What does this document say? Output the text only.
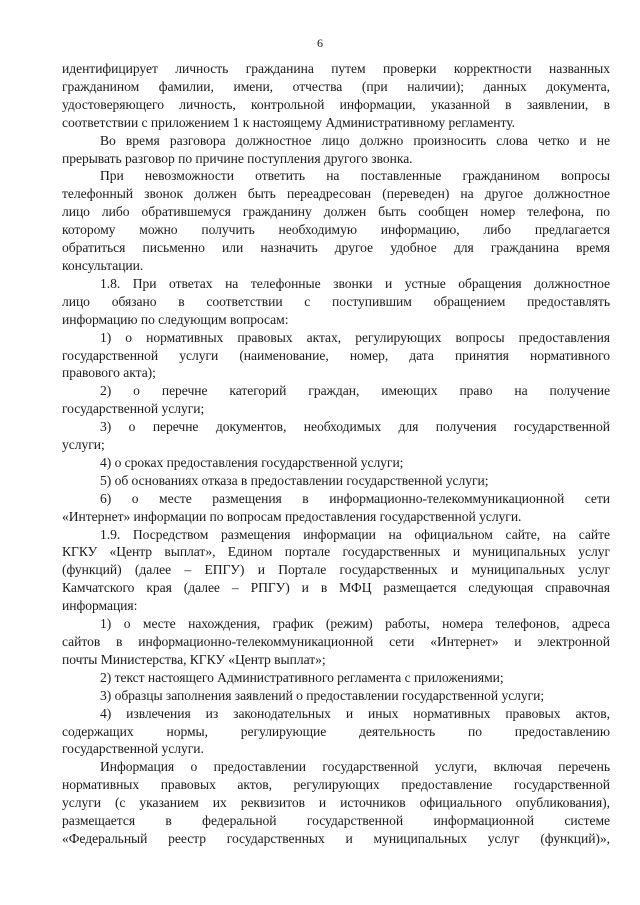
6

идентифицирует личность гражданина путем проверки корректности названных

гражданином фамилии, имени, отчества (при наличии); данных документа,

удостоверяющего личность, контрольной информации, указанной в заявлении, в

соответствии с приложением 1 к настоящему Административному регламенту.

Во время разговора должностное лицо должно произносить слова четко и не

прерывать разговор по причине поступления другого звонка.

При невозможности ответить на поставленные гражданином вопросы

телефонный звонок должен быть переадресован (переведен) на другое должностное

лицо либо обратившемуся гражданину должен быть сообщен номер телефона, по

которому можно получить необходимую информацию, либо предлагается

обратиться письменно или назначить другое удобное для гражданина время

консультации.

1.8. При ответах на телефонные звонки и устные обращения должностное

лицо обязано в соответствии с поступившим обращением предоставлять

информацию по следующим вопросам:

1) о нормативных правовых актах, регулирующих вопросы предоставления

государственной услуги (наименование, номер, дата принятия нормативного

правового акта);

2) о перечне категорий граждан, имеющих право на получение

государственной услуги;

3) о перечне документов, необходимых для получения государственной

услуги;

4) о сроках предоставления государственной услуги;

5) об основаниях отказа в предоставлении государственной услуги;

6) о месте размещения в информационно-телекоммуникационной сети

«Интернет» информации по вопросам предоставления государственной услуги.

1.9. Посредством размещения информации на официальном сайте, на сайте

КГКУ «Центр выплат», Едином портале государственных и муниципальных услуг

(функций) (далее – ЕПГУ) и Портале государственных и муниципальных услуг

Камчатского края (далее – РПГУ) и в МФЦ размещается следующая справочная

информация:

1) о месте нахождения, график (режим) работы, номера телефонов, адреса

сайтов в информационно-телекоммуникационной сети «Интернет» и электронной

почты Министерства, КГКУ «Центр выплат»;

2) текст настоящего Административного регламента с приложениями;

3) образцы заполнения заявлений о предоставлении государственной услуги;

4) извлечения из законодательных и иных нормативных правовых актов,

содержащих нормы, регулирующие деятельность по предоставлению

государственной услуги.

Информация о предоставлении государственной услуги, включая перечень

нормативных правовых актов, регулирующих предоставление государственной

услуги (с указанием их реквизитов и источников официального опубликования),

размещается в федеральной государственной информационной системе

«Федеральный реестр государственных и муниципальных услуг (функций)»,
